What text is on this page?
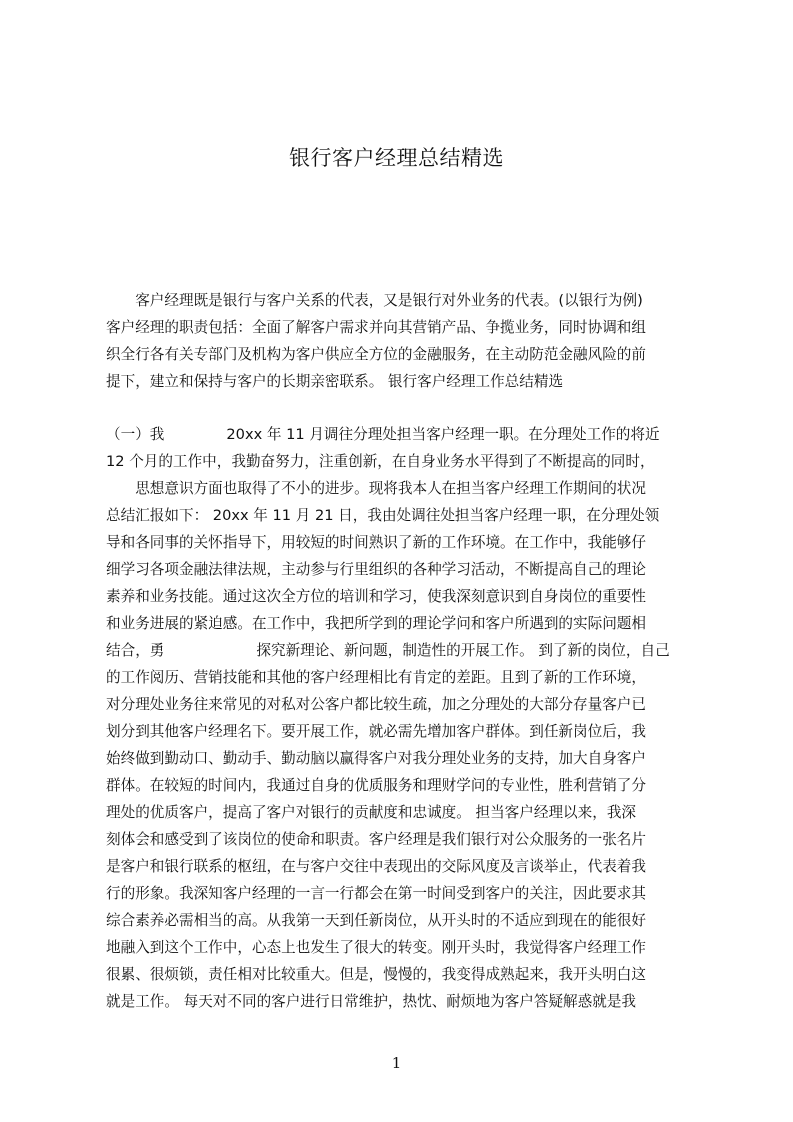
银行客户经理总结精选

　　客户经理既是银行与客户关系的代表，又是银行对外业务的代表。(以银行为例)

客户经理的职责包括：全面了解客户需求并向其营销产品、争揽业务，同时协调和组

织全行各有关专部门及机构为客户供应全方位的金融服务，在主动防范金融风险的前

提下，建立和保持与客户的长期亲密联系。 银行客户经理工作总结精选

（一）我	20xx 年 11 月调往分理处担当客户经理一职。在分理处工作的将近

12 个月的工作中，我勤奋努力，注重创新，在自身业务水平得到了不断提高的同时，

　　思想意识方面也取得了不小的进步。现将我本人在担当客户经理工作期间的状况

总结汇报如下： 20xx 年 11 月 21 日，我由处调往处担当客户经理一职，在分理处领

导和各同事的关怀指导下，用较短的时间熟识了新的工作环境。在工作中，我能够仔

细学习各项金融法律法规，主动参与行里组织的各种学习活动，不断提高自己的理论

素养和业务技能。通过这次全方位的培训和学习，使我深刻意识到自身岗位的重要性

和业务进展的紧迫感。在工作中，我把所学到的理论学问和客户所遇到的实际问题相

结合，勇	探究新理论、新问题，制造性的开展工作。 到了新的岗位，自己

的工作阅历、营销技能和其他的客户经理相比有肯定的差距。且到了新的工作环境，

对分理处业务往来常见的对私对公客户都比较生疏，加之分理处的大部分存量客户已

划分到其他客户经理名下。要开展工作，就必需先增加客户群体。到任新岗位后，我

始终做到勤动口、勤动手、勤动脑以赢得客户对我分理处业务的支持，加大自身客户

群体。在较短的时间内，我通过自身的优质服务和理财学问的专业性，胜利营销了分

理处的优质客户，提高了客户对银行的贡献度和忠诚度。 担当客户经理以来，我深

刻体会和感受到了该岗位的使命和职责。客户经理是我们银行对公众服务的一张名片

是客户和银行联系的枢纽，在与客户交往中表现出的交际风度及言谈举止，代表着我

行的形象。我深知客户经理的一言一行都会在第一时间受到客户的关注，因此要求其

综合素养必需相当的高。从我第一天到任新岗位，从开头时的不适应到现在的能很好

地融入到这个工作中，心态上也发生了很大的转变。刚开头时，我觉得客户经理工作

很累、很烦锁，责任相对比较重大。但是，慢慢的，我变得成熟起来，我开头明白这

就是工作。 每天对不同的客户进行日常维护，热忱、耐烦地为客户答疑解惑就是我

1
